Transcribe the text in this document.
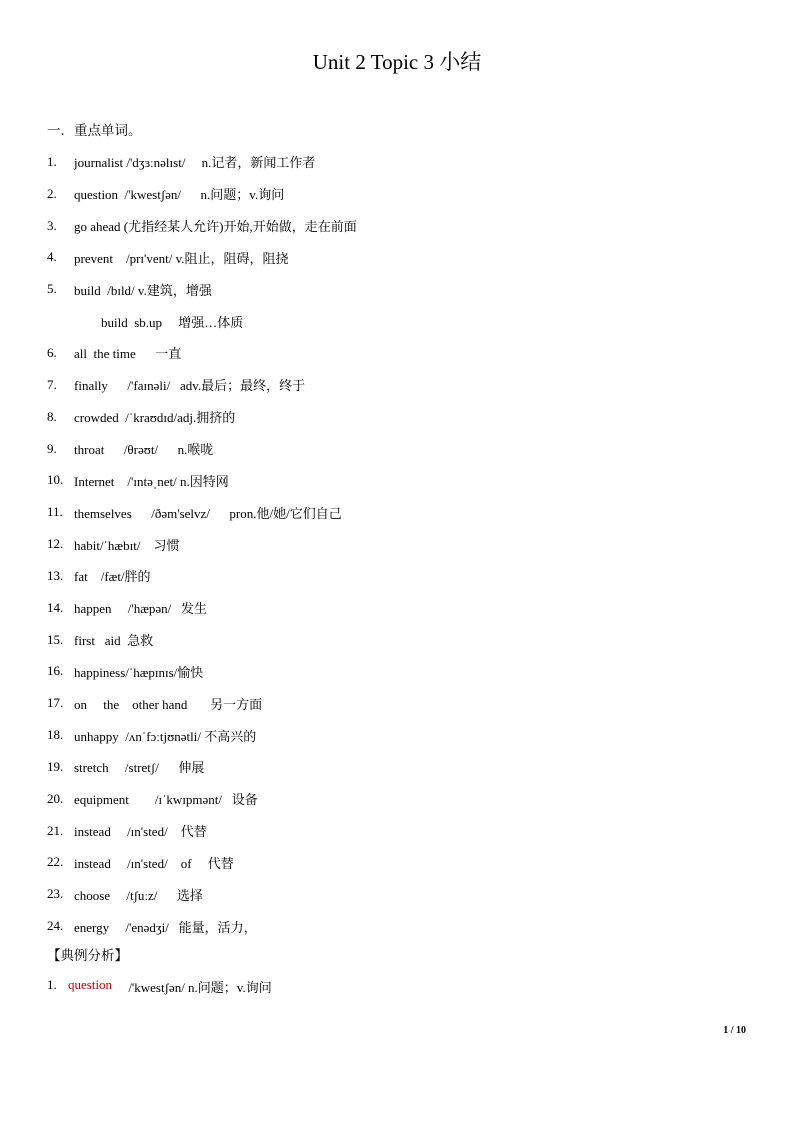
Unit 2 Topic 3 小结
一．重点单词。
1.	journalist /'dʒɜːnəlɪst/     n.记者，新闻工作者
2.	question  /'kwestʃən/      n.问题；v.询问
3.	go ahead (尤指经某人允许)开始,开始做，走在前面
4.	prevent    /prɪ'vent/ v.阻止，阻碍，阻挠
5.	build  /bɪld/ v.建筑，增强
build  sb.up     增强…体质
6.	all  the time      一直
7.	finally      /'faɪnəli/   adv.最后；最终，终于
8.	crowded  /ˈkraʊdɪd/adj.拥挤的
9.	throat      /θrəʊt/      n.喉咙
10. Internet    /'ɪntəˌnet/ n.因特网
11. themselves      /ðəm'selvz/      pron.他/她/它们自己
12. habit/ˈhæbɪt/    习惯
13. fat    /fæt/胖的
14. happen     /'hæpən/   发生
15. first   aid  急救
16. happiness/ˈhæpɪnɪs/愉快
17. on     the    other hand       另一方面
18. unhappy  /ʌnˈfɔːtjʊnətli/ 不高兴的
19. stretch     /stretʃ/      伸展
20. equipment        /ɪˈkwɪpmənt/   设备
21. instead     /ɪn'sted/    代替
22. instead     /ɪn'sted/    of     代替
23. choose     /tʃuːz/      选择
24. energy     /'enədʒi/   能量，活力，
【典例分析】
1. question /'kwestʃən/ n.问题；v.询问
1 / 10
